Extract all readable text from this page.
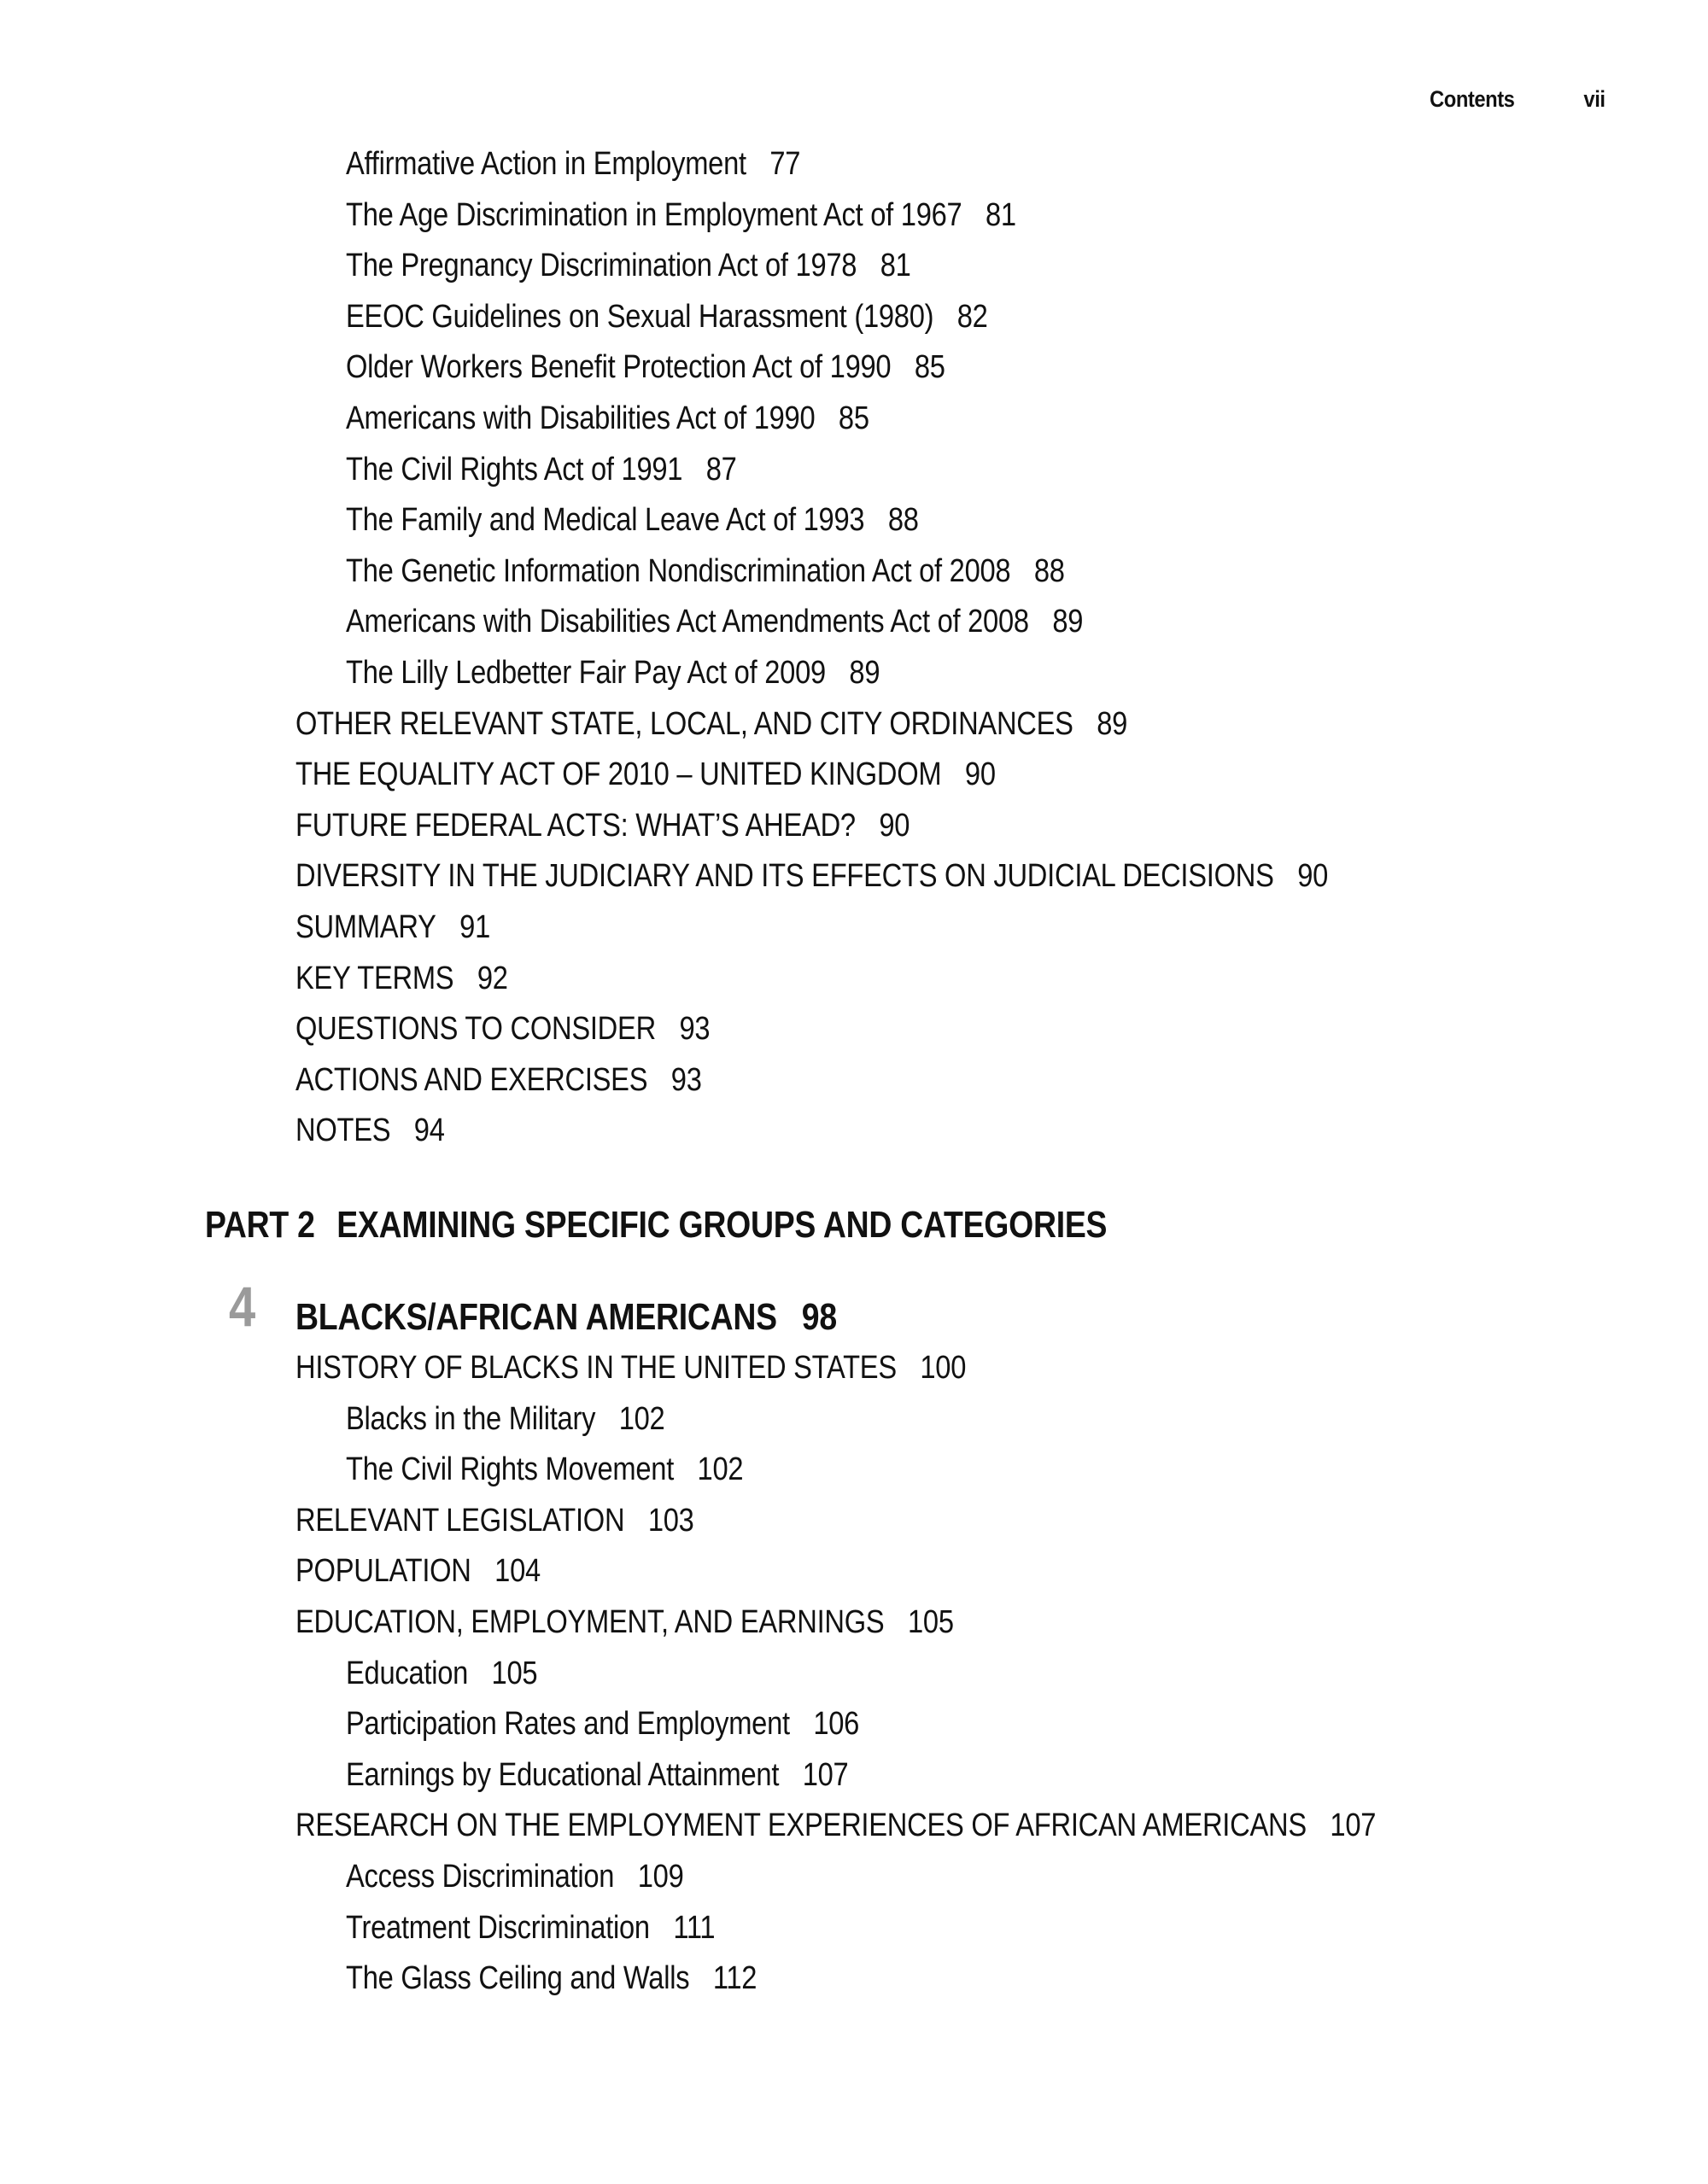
Contents	vii
Affirmative Action in Employment 77
The Age Discrimination in Employment Act of 1967 81
The Pregnancy Discrimination Act of 1978 81
EEOC Guidelines on Sexual Harassment (1980) 82
Older Workers Benefit Protection Act of 1990 85
Americans with Disabilities Act of 1990 85
The Civil Rights Act of 1991 87
The Family and Medical Leave Act of 1993 88
The Genetic Information Nondiscrimination Act of 2008 88
Americans with Disabilities Act Amendments Act of 2008 89
The Lilly Ledbetter Fair Pay Act of 2009 89
OTHER RELEVANT STATE, LOCAL, AND CITY ORDINANCES 89
THE EQUALITY ACT OF 2010 – UNITED KINGDOM 90
FUTURE FEDERAL ACTS: WHAT’S AHEAD? 90
DIVERSITY IN THE JUDICIARY AND ITS EFFECTS ON JUDICIAL DECISIONS 90
SUMMARY 91
KEY TERMS 92
QUESTIONS TO CONSIDER 93
ACTIONS AND EXERCISES 93
NOTES 94
PART 2 EXAMINING SPECIFIC GROUPS AND CATEGORIES
4 BLACKS/AFRICAN AMERICANS 98
HISTORY OF BLACKS IN THE UNITED STATES 100
Blacks in the Military 102
The Civil Rights Movement 102
RELEVANT LEGISLATION 103
POPULATION 104
EDUCATION, EMPLOYMENT, AND EARNINGS 105
Education 105
Participation Rates and Employment 106
Earnings by Educational Attainment 107
RESEARCH ON THE EMPLOYMENT EXPERIENCES OF AFRICAN AMERICANS 107
Access Discrimination 109
Treatment Discrimination 111
The Glass Ceiling and Walls 112
